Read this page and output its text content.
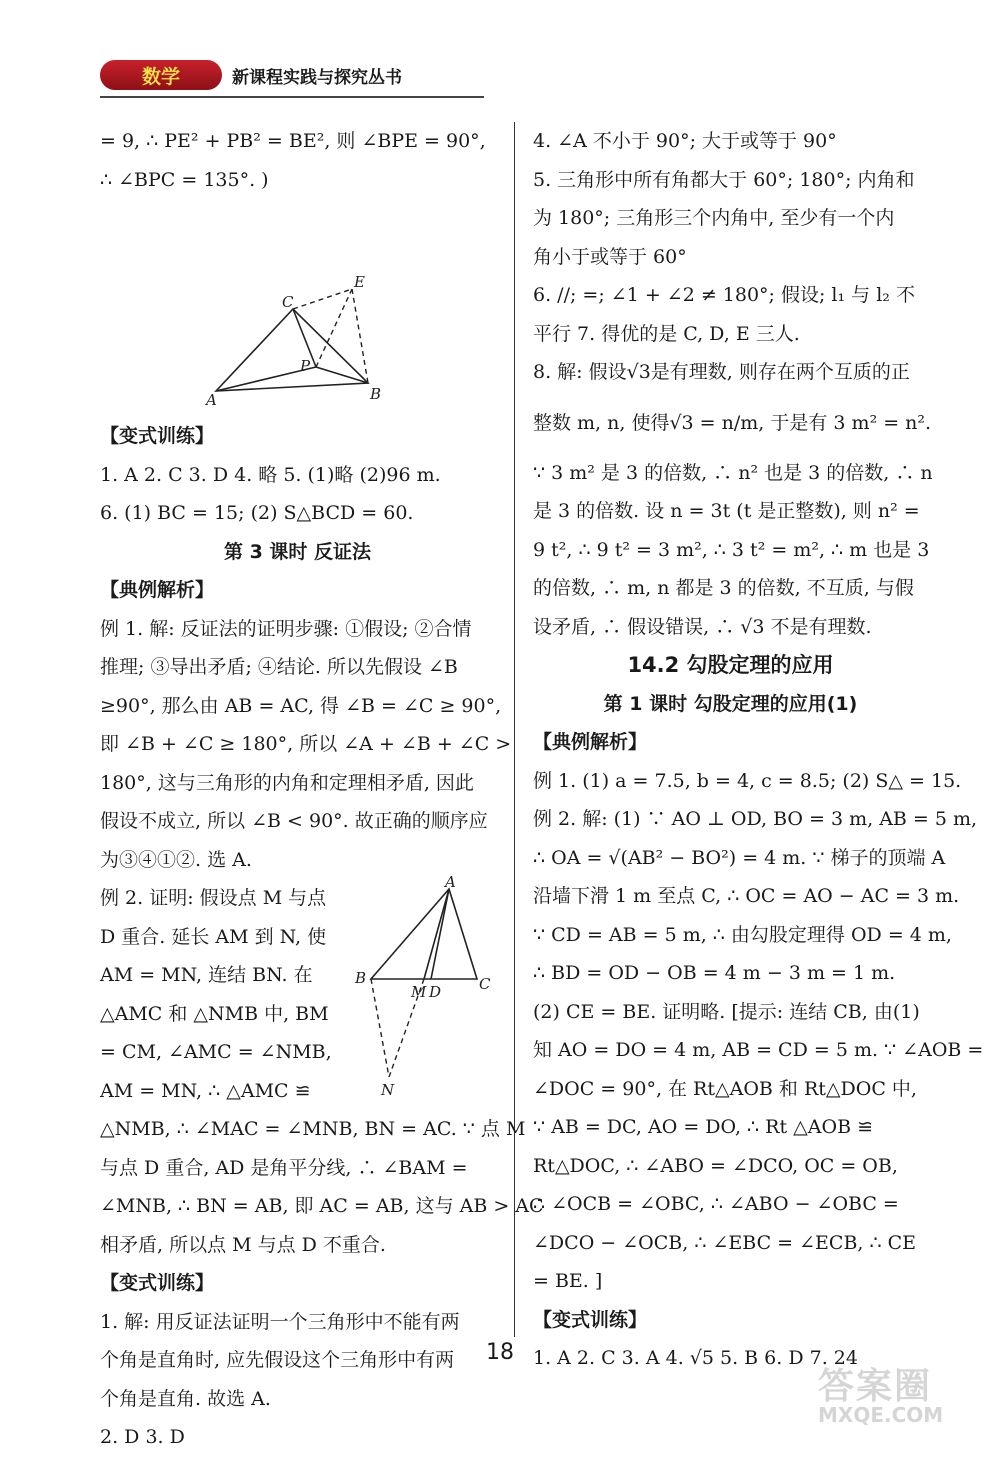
数学	新课程实践与探究丛书
= 9, ∴ PE² + PB² = BE², 则 ∠BPE = 90°,
∴ ∠BPC = 135°. )
C
E
P
A	B
【变式训练】
1. A 2. C 3. D 4. 略 5. (1)略 (2)96 m.
6. (1) BC = 15; (2) S△BCD = 60.
第 3 课时 反证法
【典例解析】
例 1. 解: 反证法的证明步骤: ①假设; ②合情
推理; ③导出矛盾; ④结论. 所以先假设 ∠B
≥90°, 那么由 AB = AC, 得 ∠B = ∠C ≥ 90°,
即 ∠B + ∠C ≥ 180°, 所以 ∠A + ∠B + ∠C >
180°, 这与三角形的内角和定理相矛盾, 因此
假设不成立, 所以 ∠B < 90°. 故正确的顺序应
为③④①②. 选 A.
例 2. 证明: 假设点 M 与点
D 重合. 延长 AM 到 N, 使
AM = MN, 连结 BN. 在
△AMC 和 △NMB 中, BM
= CM, ∠AMC = ∠NMB,
AM = MN, ∴ △AMC ≌
A
B
M D	C
N
△NMB, ∴ ∠MAC = ∠MNB, BN = AC. ∵ 点 M
与点 D 重合, AD 是角平分线, ∴ ∠BAM =
∠MNB, ∴ BN = AB, 即 AC = AB, 这与 AB > AC
相矛盾, 所以点 M 与点 D 不重合.
【变式训练】
1. 解: 用反证法证明一个三角形中不能有两
个角是直角时, 应先假设这个三角形中有两
个角是直角. 故选 A.
2. D 3. D
4. ∠A 不小于 90°; 大于或等于 90°
5. 三角形中所有角都大于 60°; 180°; 内角和
为 180°; 三角形三个内角中, 至少有一个内
角小于或等于 60°
6. //; =; ∠1 + ∠2 ≠ 180°; 假设; l₁ 与 l₂ 不
平行 7. 得优的是 C, D, E 三人.
8. 解: 假设√3是有理数, 则存在两个互质的正
整数 m, n, 使得√3 = n/m, 于是有 3 m² = n².
∵ 3 m² 是 3 的倍数, ∴ n² 也是 3 的倍数, ∴ n
是 3 的倍数. 设 n = 3t (t 是正整数), 则 n² =
9 t², ∴ 9 t² = 3 m², ∴ 3 t² = m², ∴ m 也是 3
的倍数, ∴ m, n 都是 3 的倍数, 不互质, 与假
设矛盾, ∴ 假设错误, ∴ √3 不是有理数.
14.2 勾股定理的应用
第 1 课时 勾股定理的应用(1)
【典例解析】
例 1. (1) a = 7.5, b = 4, c = 8.5; (2) S△ = 15.
例 2. 解: (1) ∵ AO ⊥ OD, BO = 3 m, AB = 5 m,
∴ OA = √(AB² − BO²) = 4 m. ∵ 梯子的顶端 A
沿墙下滑 1 m 至点 C, ∴ OC = AO − AC = 3 m.
∵ CD = AB = 5 m, ∴ 由勾股定理得 OD = 4 m,
∴ BD = OD − OB = 4 m − 3 m = 1 m.
(2) CE = BE. 证明略. [提示: 连结 CB, 由(1)
知 AO = DO = 4 m, AB = CD = 5 m. ∵ ∠AOB =
∠DOC = 90°, 在 Rt△AOB 和 Rt△DOC 中,
∵ AB = DC, AO = DO, ∴ Rt △AOB ≌
Rt△DOC, ∴ ∠ABO = ∠DCO, OC = OB,
∴ ∠OCB = ∠OBC, ∴ ∠ABO − ∠OBC =
∠DCO − ∠OCB, ∴ ∠EBC = ∠ECB, ∴ CE
= BE. ]
【变式训练】
1. A 2. C 3. A 4. √5 5. B 6. D 7. 24
18
答案圈
MXQE.COM
